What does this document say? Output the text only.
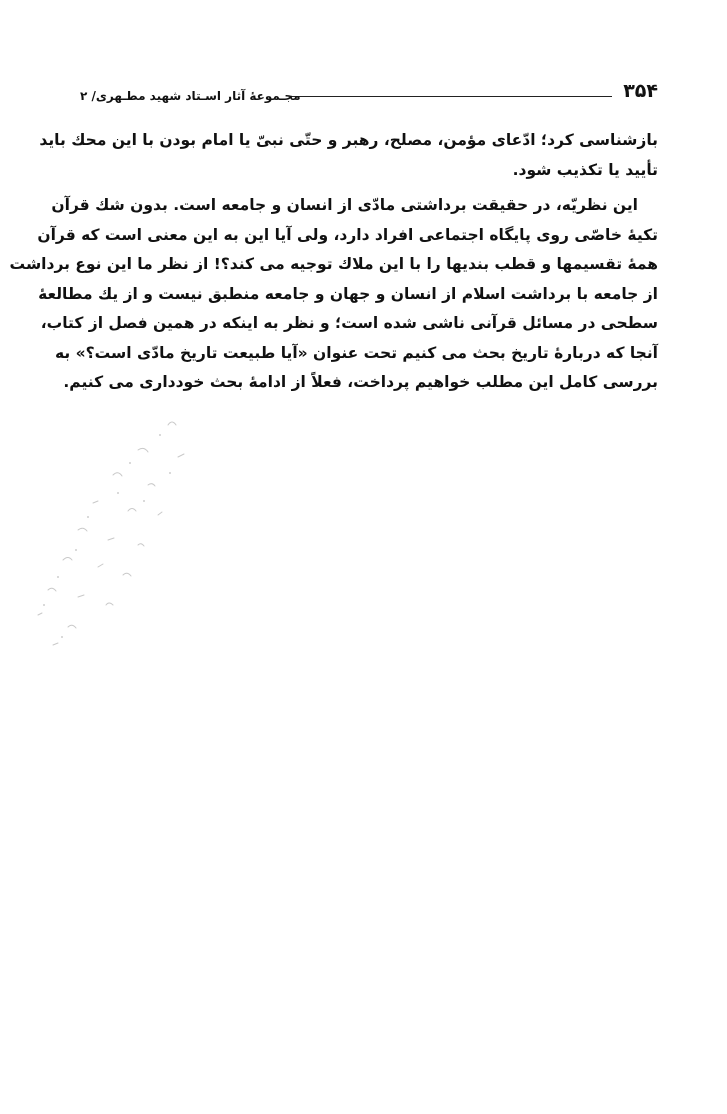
۳۵۴
مجـموعهٔ آثار اسـتاد شهید مطـهری/ ۲
بازشناسی کرد؛ ادّعای مؤمن، مصلح، رهبر و حتّی نبیّ یا امام بودن با این محك باید
تأیید یا تکذیب شود.
این نظریّه، در حقیقت برداشتی مادّی از انسان و جامعه است. بدون شك قرآن
تکیهٔ خاصّی روی پایگاه اجتماعی افراد دارد، ولی آیا این به این معنی است که قرآن
همهٔ تقسیمها و قطب بندیها را با این ملاك توجیه می کند؟! از نظر ما این نوع برداشت
از جامعه با برداشت اسلام از انسان و جهان و جامعه منطبق نیست و از یك مطالعهٔ
سطحی در مسائل قرآنی ناشی شده است؛ و نظر به اینکه در همین فصل از کتاب،
آنجا که دربارهٔ تاریخ بحث می کنیم تحت عنوان «آیا طبیعت تاریخ مادّی است؟» به
بررسی کامل این مطلب خواهیم پرداخت، فعلاً از ادامهٔ بحث خودداری می کنیم.
